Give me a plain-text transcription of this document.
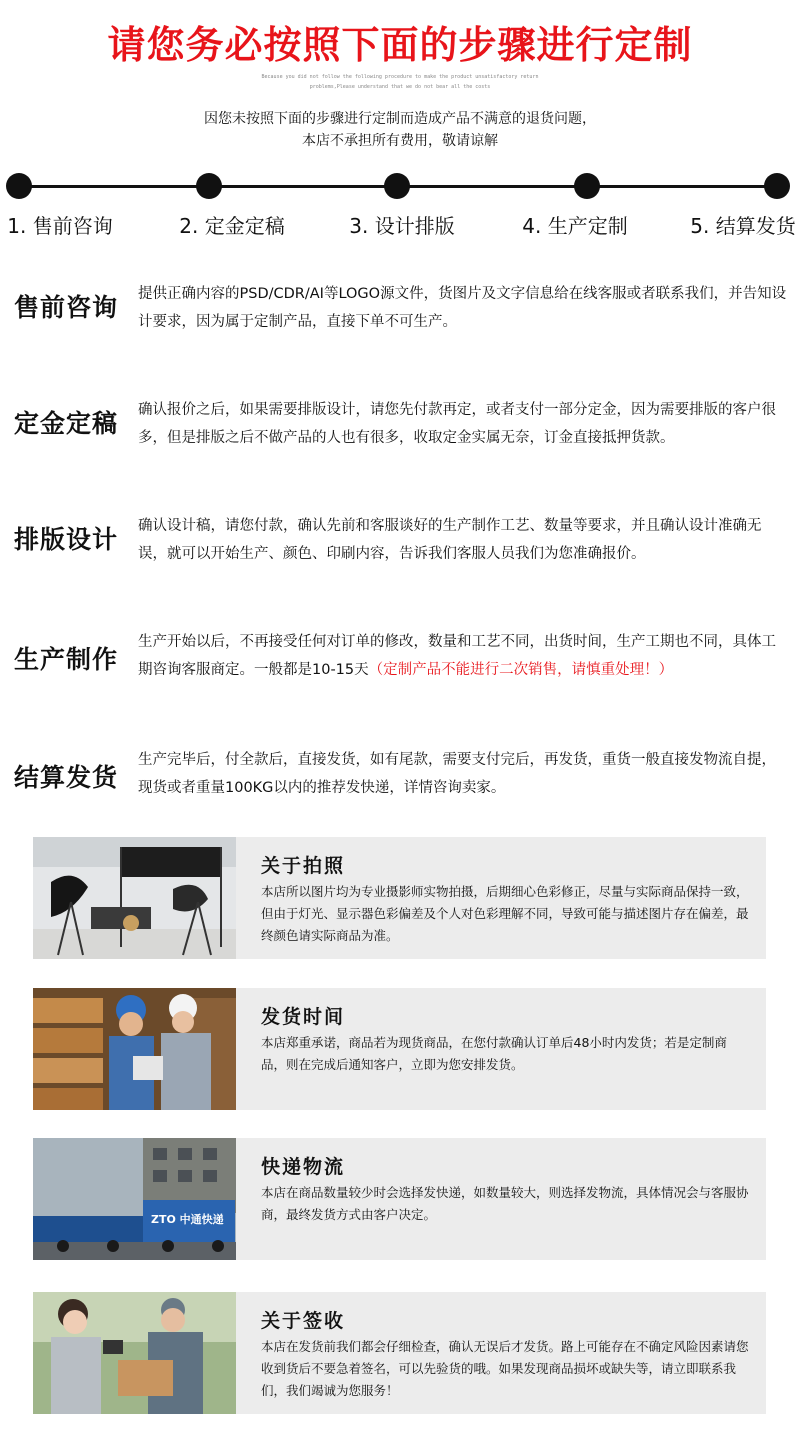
请您务必按照下面的步骤进行定制
Because you did not follow the following procedure to make the product unsatisfactory return problems,Please understand that we do not bear all the costs
因您未按照下面的步骤进行定制而造成产品不满意的退货问题，
本店不承担所有费用，敬请谅解
1. 售前咨询	2. 定金定稿	3. 设计排版	4. 生产定制	5. 结算发货
售前咨询 提供正确内容的PSD/CDR/AI等LOGO源文件，货图片及文字信息给在线客服或者联系我们，并告知设计要求，因为属于定制产品，直接下单不可生产。
定金定稿 确认报价之后，如果需要排版设计，请您先付款再定，或者支付一部分定金，因为需要排版的客户很多，但是排版之后不做产品的人也有很多，收取定金实属无奈，订金直接抵押货款。
排版设计 确认设计稿，请您付款，确认先前和客服谈好的生产制作工艺、数量等要求，并且确认设计准确无误，就可以开始生产、颜色、印刷内容，告诉我们客服人员我们为您准确报价。
生产制作
生产开始以后，不再接受任何对订单的修改，数量和工艺不同，出货时间，生产工期也不同，具体工期咨询客服商定。一般都是10-15天（定制产品不能进行二次销售，请慎重处理！）
结算发货
生产完毕后，付全款后，直接发货，如有尾款，需要支付完后，再发货，重货一般直接发物流自提，现货或者重量100KG以内的推荐发快递，详情咨询卖家。
关于拍照
本店所以图片均为专业摄影师实物拍摄，后期细心色彩修正，尽量与实际商品保持一致，但由于灯光、显示器色彩偏差及个人对色彩理解不同，导致可能与描述图片存在偏差，最终颜色请实际商品为准。
发货时间
本店郑重承诺，商品若为现货商品，在您付款确认订单后48小时内发货；若是定制商品，则在完成后通知客户，立即为您安排发货。
ZTO 中通快递
快递物流
本店在商品数量较少时会选择发快递，如数量较大，则选择发物流，具体情况会与客服协商，最终发货方式由客户决定。
关于签收
本店在发货前我们都会仔细检查，确认无误后才发货。路上可能存在不确定风险因素请您收到货后不要急着签名，可以先验货的哦。如果发现商品损坏或缺失等，请立即联系我们，我们竭诚为您服务！
